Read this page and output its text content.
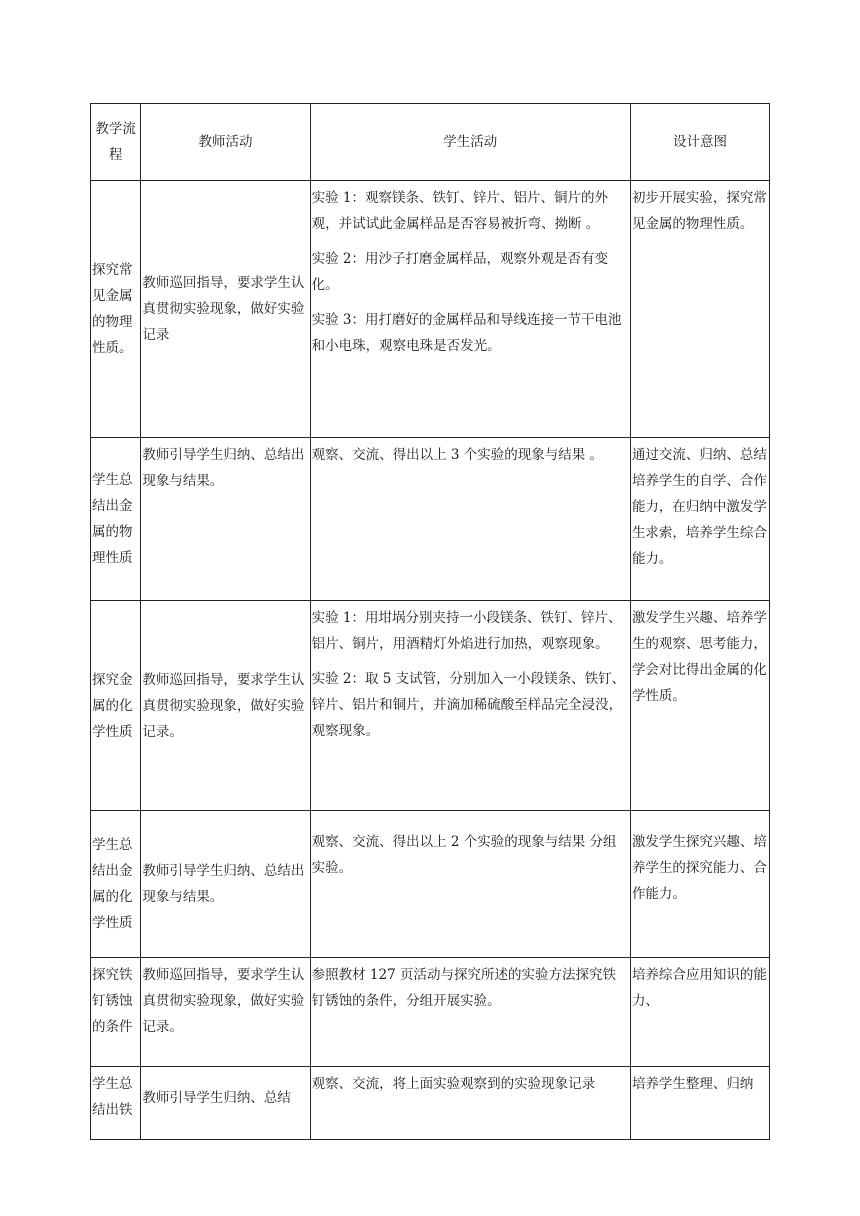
教学流程	教师活动	学生活动	设计意图
探究常见金属的物理性质。	教师巡回指导，要求学生认真贯彻实验现象，做好实验记录	实验 1：观察镁条、铁钉、锌片、铝片、铜片的外观，并试试此金属样品是否容易被折弯、拗断 。

实验 2：用沙子打磨金属样品，观察外观是否有变化。

实验 3：用打磨好的金属样品和导线连接一节干电池和小电珠，观察电珠是否发光。	初步开展实验，探究常见金属的物理性质。
学生总结出金属的物理性质	教师引导学生归纳、总结出现象与结果。	观察、交流、得出以上 3 个实验的现象与结果 。	通过交流、归纳、总结培养学生的自学、合作能力，在归纳中激发学生求索，培养学生综合能力。
探究金属的化学性质	教师巡回指导，要求学生认真贯彻实验现象，做好实验记录。	实验 1：用坩埚分别夹持一小段镁条、铁钉、锌片、铝片、铜片，用酒精灯外焰进行加热，观察现象。

实验 2：取 5 支试管，分别加入一小段镁条、铁钉、锌片、铝片和铜片，并滴加稀硫酸至样品完全浸没，观察现象。	激发学生兴趣、培养学生的观察、思考能力，学会对比得出金属的化学性质。
学生总结出金属的化学性质	教师引导学生归纳、总结出现象与结果。	观察、交流、得出以上 2 个实验的现象与结果 分组实验。	激发学生探究兴趣、培养学生的探究能力、合作能力。
探究铁钉锈蚀的条件	教师巡回指导，要求学生认真贯彻实验现象，做好实验记录。	参照教材 127 页活动与探究所述的实验方法探究铁钉锈蚀的条件，分组开展实验。	培养综合应用知识的能力、
学生总结出铁	教师引导学生归纳、总结	观察、交流，将上面实验观察到的实验现象记录	培养学生整理、归纳
